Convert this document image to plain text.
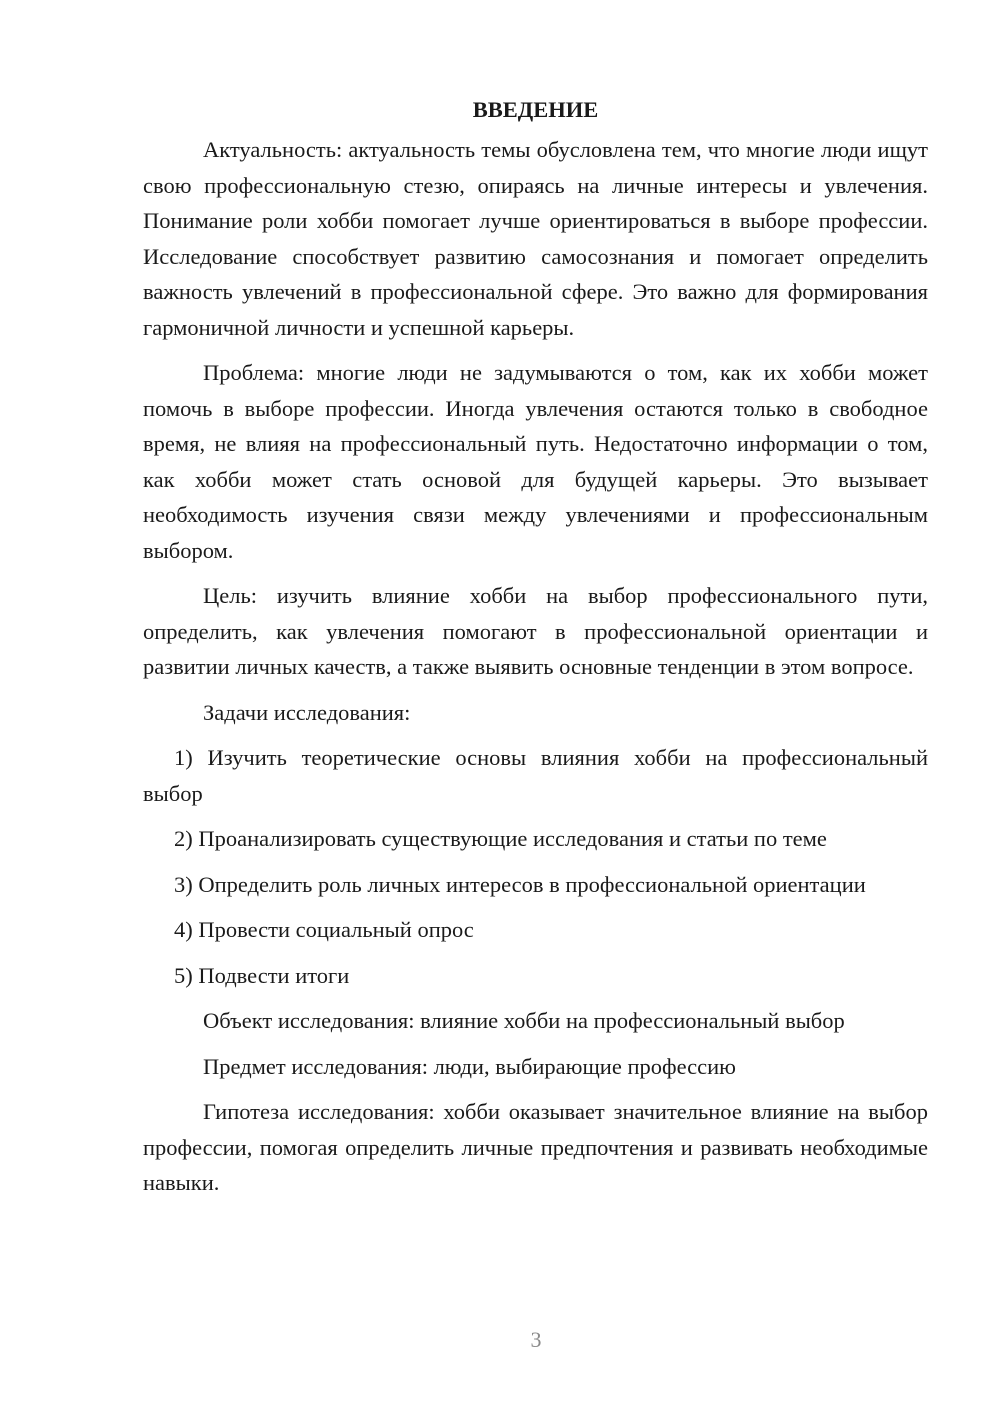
ВВЕДЕНИЕ

Актуальность: актуальность темы обусловлена тем, что многие люди ищут свою профессиональную стезю, опираясь на личные интересы и увлечения. Понимание роли хобби помогает лучше ориентироваться в выборе профессии. Исследование способствует развитию самосознания и помогает определить важность увлечений в профессиональной сфере. Это важно для формирования гармоничной личности и успешной карьеры.

Проблема: многие люди не задумываются о том, как их хобби может помочь в выборе профессии. Иногда увлечения остаются только в свободное время, не влияя на профессиональный путь. Недостаточно информации о том, как хобби может стать основой для будущей карьеры. Это вызывает необходимость изучения связи между увлечениями и профессиональным выбором.

Цель: изучить влияние хобби на выбор профессионального пути, определить, как увлечения помогают в профессиональной ориентации и развитии личных качеств, а также выявить основные тенденции в этом вопросе.

Задачи исследования:

1) Изучить теоретические основы влияния хобби на профессиональный выбор

2) Проанализировать существующие исследования и статьи по теме

3) Определить роль личных интересов в профессиональной ориентации

4) Провести социальный опрос

5) Подвести итоги

Объект исследования: влияние хобби на профессиональный выбор

Предмет исследования: люди, выбирающие профессию

Гипотеза исследования: хобби оказывает значительное влияние на выбор профессии, помогая определить личные предпочтения и развивать необходимые навыки.

3
